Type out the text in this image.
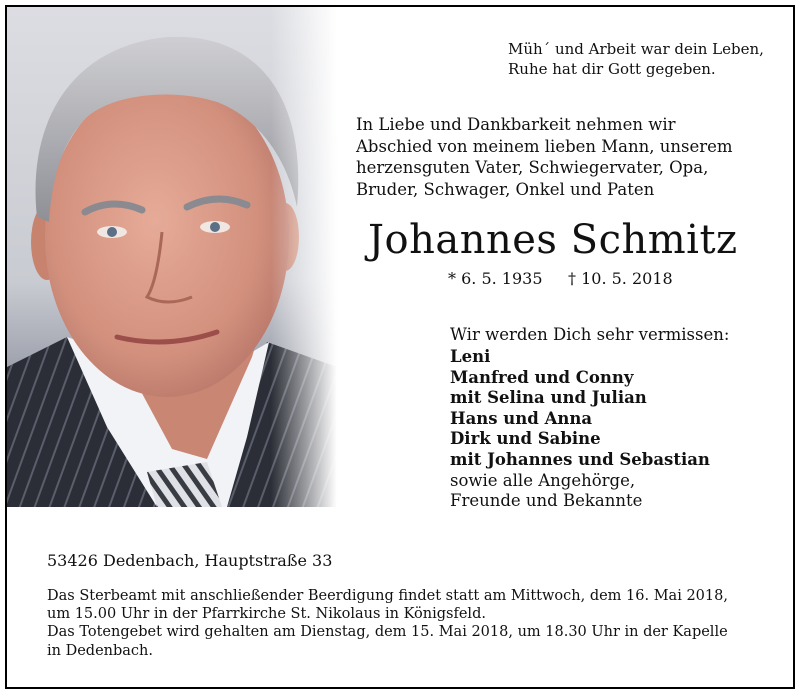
Müh´ und Arbeit war dein Leben,
Ruhe hat dir Gott gegeben.
In Liebe und Dankbarkeit nehmen wir
Abschied von meinem lieben Mann, unserem
herzensguten Vater, Schwiegervater, Opa,
Bruder, Schwager, Onkel und Paten
Johannes Schmitz
* 6. 5. 1935 † 10. 5. 2018
Wir werden Dich sehr vermissen:
Leni
Manfred und Conny
mit Selina und Julian
Hans und Anna
Dirk und Sabine
mit Johannes und Sebastian
sowie alle Angehörge,
Freunde und Bekannte
53426 Dedenbach, Hauptstraße 33
Das Sterbeamt mit anschließender Beerdigung findet statt am Mittwoch, dem 16. Mai 2018,
um 15.00 Uhr in der Pfarrkirche St. Nikolaus in Königsfeld.
Das Totengebet wird gehalten am Dienstag, dem 15. Mai 2018, um 18.30 Uhr in der Kapelle
in Dedenbach.
